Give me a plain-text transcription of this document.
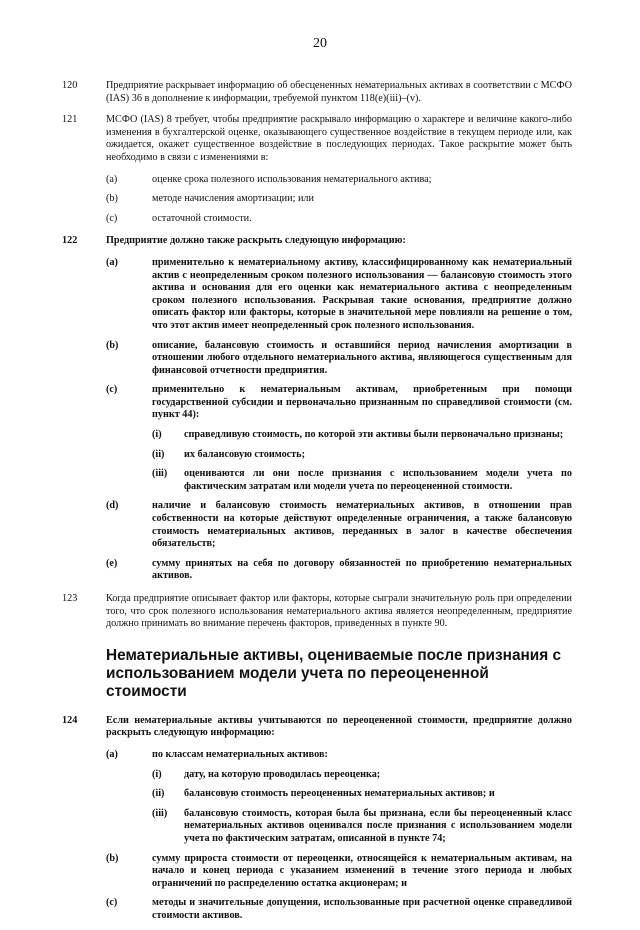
20
120	Предприятие раскрывает информацию об обесцененных нематериальных активах в соответствии с МСФО (IAS) 36 в дополнение к информации, требуемой пунктом 118(e)(iii)–(v).
121	МСФО (IAS) 8 требует, чтобы предприятие раскрывало информацию о характере и величине какого-либо изменения в бухгалтерской оценке, оказывающего существенное воздействие в текущем периоде или, как ожидается, окажет существенное воздействие в последующих периодах. Такое раскрытие может быть необходимо в связи с изменениями в:
(a)	оценке срока полезного использования нематериального актива;
(b)	методе начисления амортизации; или
(c)	остаточной стоимости.
122	Предприятие должно также раскрыть следующую информацию:
(a)	применительно к нематериальному активу, классифицированному как нематериальный актив с неопределенным сроком полезного использования — балансовую стоимость этого актива и основания для его оценки как нематериального актива с неопределенным сроком полезного использования. Раскрывая такие основания, предприятие должно описать фактор или факторы, которые в значительной мере повлияли на решение о том, что этот актив имеет неопределенный срок полезного использования.
(b)	описание, балансовую стоимость и оставшийся период начисления амортизации в отношении любого отдельного нематериального актива, являющегося существенным для финансовой отчетности предприятия.
(c)	применительно к нематериальным активам, приобретенным при помощи государственной субсидии и первоначально признанным по справедливой стоимости (см. пункт 44):
(i)	справедливую стоимость, по которой эти активы были первоначально признаны;
(ii)	их балансовую стоимость;
(iii)	оцениваются ли они после признания с использованием модели учета по фактическим затратам или модели учета по переоцененной стоимости.
(d)	наличие и балансовую стоимость нематериальных активов, в отношении прав собственности на которые действуют определенные ограничения, а также балансовую стоимость нематериальных активов, переданных в залог в качестве обеспечения обязательств;
(e)	сумму принятых на себя по договору обязанностей по приобретению нематериальных активов.
123	Когда предприятие описывает фактор или факторы, которые сыграли значительную роль при определении того, что срок полезного использования нематериального актива является неопределенным, предприятие должно принимать во внимание перечень факторов, приведенных в пункте 90.
Нематериальные активы, оцениваемые после признания с использованием модели учета по переоцененной стоимости
124	Если нематериальные активы учитываются по переоцененной стоимости, предприятие должно раскрыть следующую информацию:
(a)	по классам нематериальных активов:
(i)	дату, на которую проводилась переоценка;
(ii)	балансовую стоимость переоцененных нематериальных активов; и
(iii)	балансовую стоимость, которая была бы признана, если бы переоцененный класс нематериальных активов оценивался после признания с использованием модели учета по фактическим затратам, описанной в пункте 74;
(b)	сумму прироста стоимости от переоценки, относящейся к нематериальным активам, на начало и конец периода с указанием изменений в течение этого периода и любых ограничений по распределению остатка акционерам; и
(c)	методы и значительные допущения, использованные при расчетной оценке справедливой стоимости активов.
